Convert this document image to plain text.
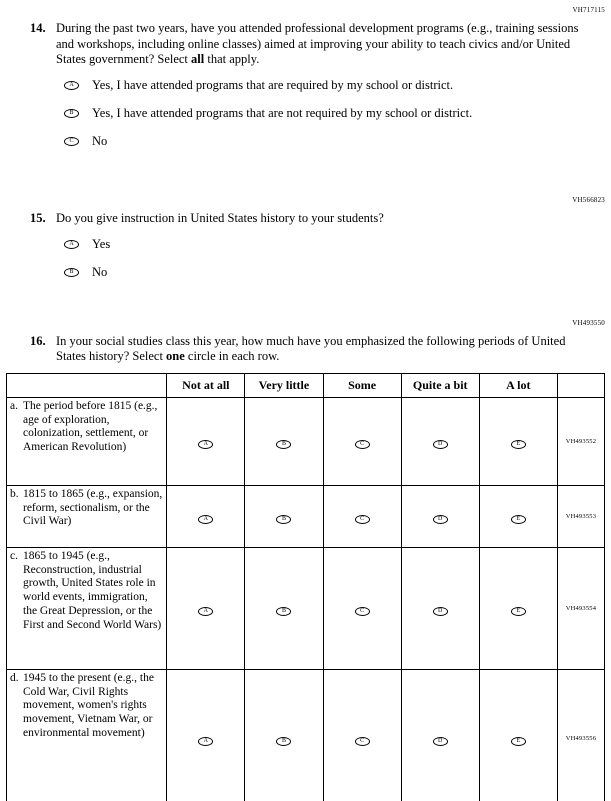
VH717115
14. During the past two years, have you attended professional development programs (e.g., training sessions and workshops, including online classes) aimed at improving your ability to teach civics and/or United States government? Select all that apply.
A Yes, I have attended programs that are required by my school or district.
B Yes, I have attended programs that are not required by my school or district.
C No
VH566823
15. Do you give instruction in United States history to your students?
A Yes
B No
VH493550
16. In your social studies class this year, how much have you emphasized the following periods of United States history? Select one circle in each row.
	Not at all	Very little	Some	Quite a bit	A lot	

a. The period before 1815 (e.g., age of exploration, colonization, settlement, or American Revolution)	A	B	C	D	E	VH493552

b. 1815 to 1865 (e.g., expansion, reform, sectionalism, or the Civil War)	A	B	C	D	E	VH493553

c. 1865 to 1945 (e.g., Reconstruction, industrial growth, United States role in world events, immigration, the Great Depression, or the First and Second World Wars)	A	B	C	D	E	VH493554

d. 1945 to the present (e.g., the Cold War, Civil Rights movement, women's rights movement, Vietnam War, or environmental movement)	A	B	C	D	E	VH493556
